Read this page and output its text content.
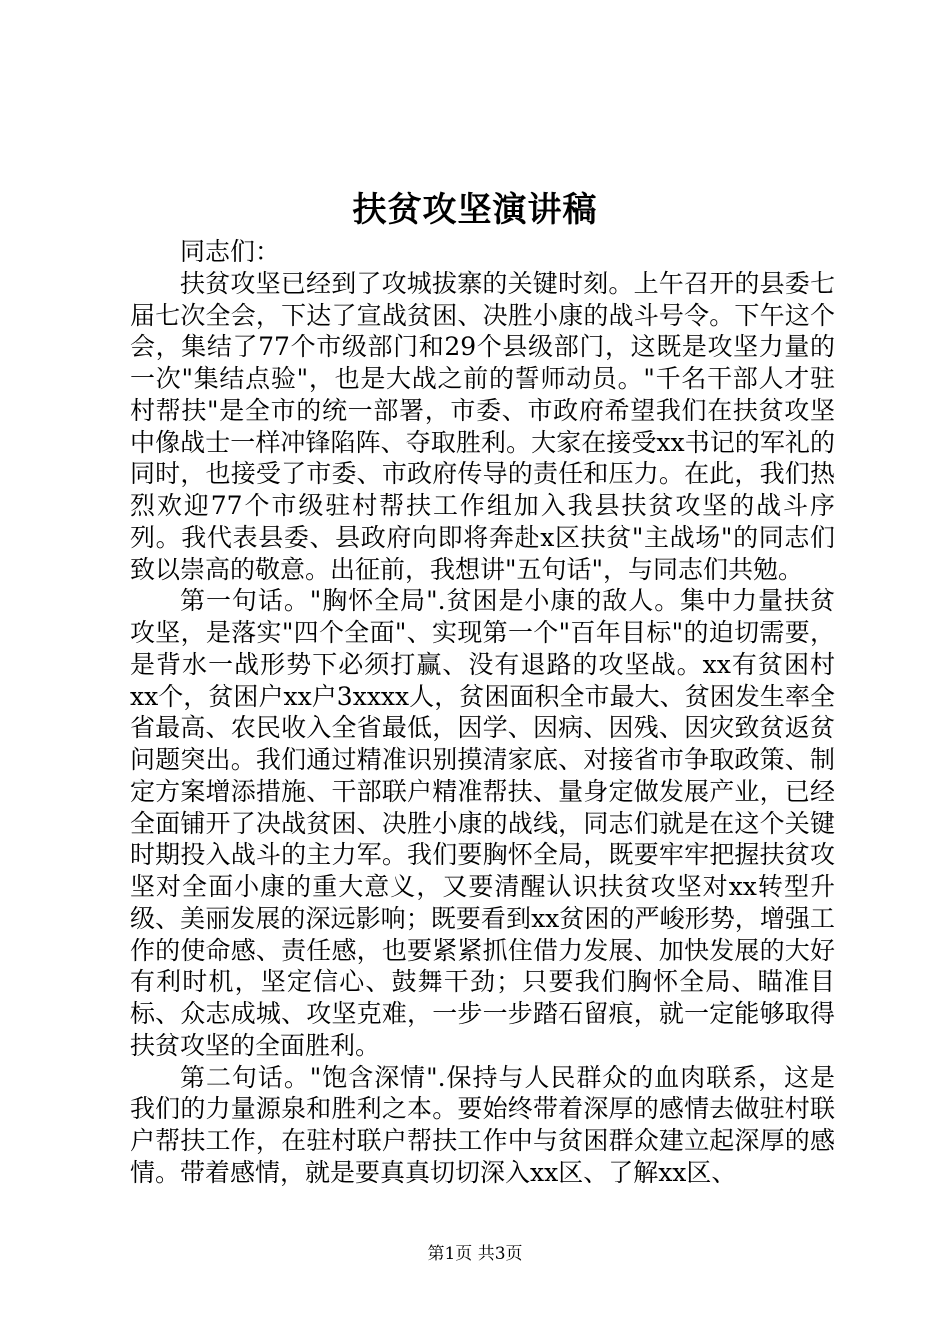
扶贫攻坚演讲稿

同志们：

扶贫攻坚已经到了攻城拔寨的关键时刻。上午召开的县委七届七次全会，下达了宣战贫困、决胜小康的战斗号令。下午这个会，集结了77个市级部门和29个县级部门，这既是攻坚力量的一次"集结点验"，也是大战之前的誓师动员。"千名干部人才驻村帮扶"是全市的统一部署，市委、市政府希望我们在扶贫攻坚中像战士一样冲锋陷阵、夺取胜利。大家在接受xx书记的军礼的同时，也接受了市委、市政府传导的责任和压力。在此，我们热烈欢迎77个市级驻村帮扶工作组加入我县扶贫攻坚的战斗序列。我代表县委、县政府向即将奔赴x区扶贫"主战场"的同志们致以崇高的敬意。出征前，我想讲"五句话"，与同志们共勉。

第一句话。"胸怀全局".贫困是小康的敌人。集中力量扶贫攻坚，是落实"四个全面"、实现第一个"百年目标"的迫切需要，是背水一战形势下必须打赢、没有退路的攻坚战。xx有贫困村xx个，贫困户xx户3xxxx人，贫困面积全市最大、贫困发生率全省最高、农民收入全省最低，因学、因病、因残、因灾致贫返贫问题突出。我们通过精准识别摸清家底、对接省市争取政策、制定方案增添措施、干部联户精准帮扶、量身定做发展产业，已经全面铺开了决战贫困、决胜小康的战线，同志们就是在这个关键时期投入战斗的主力军。我们要胸怀全局，既要牢牢把握扶贫攻坚对全面小康的重大意义，又要清醒认识扶贫攻坚对xx转型升级、美丽发展的深远影响；既要看到xx贫困的严峻形势，增强工作的使命感、责任感，也要紧紧抓住借力发展、加快发展的大好有利时机，坚定信心、鼓舞干劲；只要我们胸怀全局、瞄准目标、众志成城、攻坚克难，一步一步踏石留痕，就一定能够取得扶贫攻坚的全面胜利。

第二句话。"饱含深情".保持与人民群众的血肉联系，这是我们的力量源泉和胜利之本。要始终带着深厚的感情去做驻村联户帮扶工作，在驻村联户帮扶工作中与贫困群众建立起深厚的感情。带着感情，就是要真真切切深入xx区、了解xx区、

第1页 共3页
